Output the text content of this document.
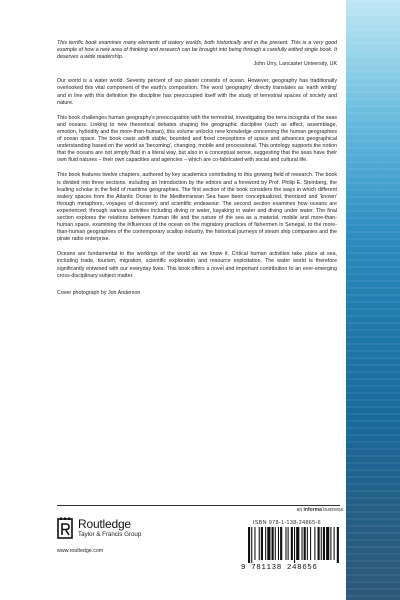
This terrific book examines many elements of watery worlds, both historically and in the present. This is a very good example of how a new area of thinking and research can be brought into being through a carefully edited single book. It deserves a wide readership.

John Urry, Lancaster University, UK

Our world is a water world. Seventy percent of our planet consists of ocean. However, geography has traditionally overlooked this vital component of the earth's composition. The word 'geography' directly translates as 'earth writing' and in line with this definition the discipline has preoccupied itself with the study of terrestrial spaces of society and nature.

This book challenges human geography's preoccupation with the terrestrial, investigating the terra incognita of the seas and oceans. Linking to new theoretical debates shaping the geographic discipline (such as affect, assemblage, emotion, hybridity and the more-than-human), this volume unlocks new knowledge concerning the human geographies of ocean space. The book casts adrift stable, bounded and fixed conceptions of space and advances geographical understanding based on the world as 'becoming', changing, mobile and processional. This ontology supports the notion that the oceans are not simply fluid in a literal way, but also in a conceptual sense, suggesting that the seas have their own fluid natures – their own capacities and agencies – which are co-fabricated with social and cultural life.

This book features twelve chapters, authored by key academics contributing to this growing field of research. The book is divided into three sections, including an Introduction by the editors and a foreword by Prof. Philip E. Steinberg, the leading scholar in the field of maritime geographies. The first section of the book considers the ways in which different watery spaces from the Atlantic Ocean to the Mediterranean Sea have been conceptualized, theorized and 'known' through metaphors, voyages of discovery and scientific endeavour. The second section examines how oceans are experienced; through various activities including diving or water, kayaking in water and diving under water. The final section explores the relations between human life and the nature of the sea as a material, mobile and more-than-human space, examining the influences of the ocean on the migratory practices of fishermen in Senegal, to the more-than-human geographies of the contemporary scallop industry, the historical journeys of steam ship companies and the pirate radio enterprise.

Oceans are fundamental to the workings of the world as we know it. Critical human activities take place at sea, including trade, tourism, migration, scientific exploration and resource exploitation. The water world is therefore significantly entwined with our everyday lives. This book offers a novel and important contribution to an ever-emerging cross-disciplinary subject matter.

Cover photograph by Jon Anderson

an informa business
Routledge
Taylor & Francis Group
www.routledge.com
ISBN 978-1-138-24865-6
9 781138 248656
